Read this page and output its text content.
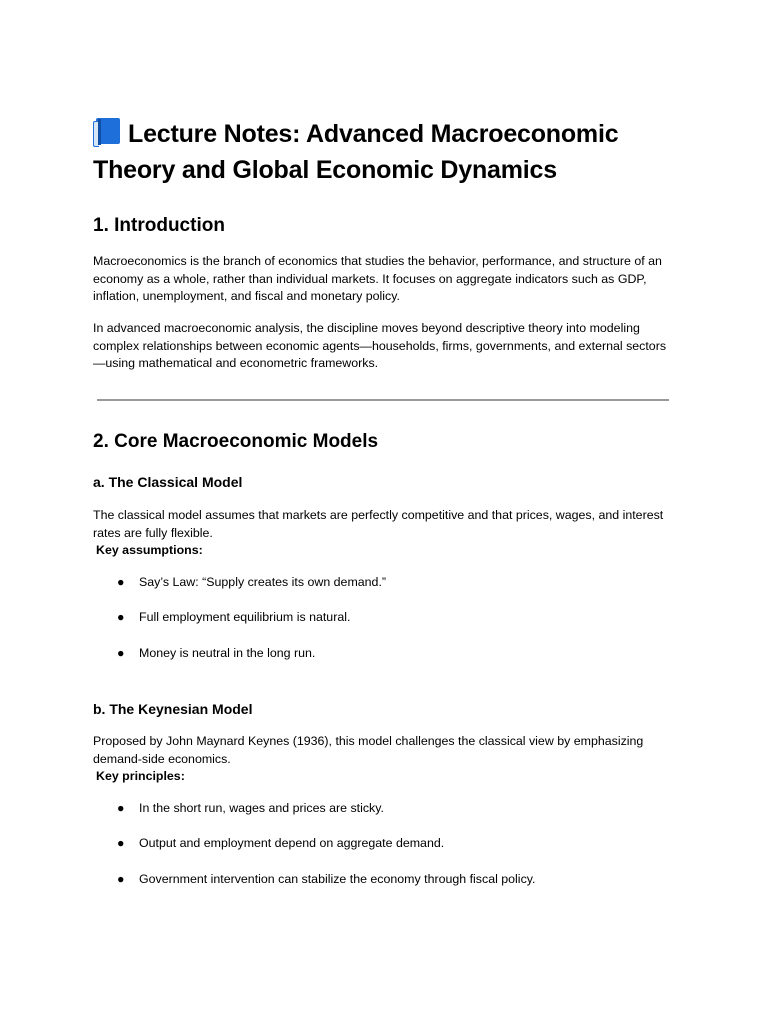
Lecture Notes: Advanced Macroeconomic Theory and Global Economic Dynamics
1. Introduction

Macroeconomics is the branch of economics that studies the behavior, performance, and structure of an economy as a whole, rather than individual markets. It focuses on aggregate indicators such as GDP, inflation, unemployment, and fiscal and monetary policy.

In advanced macroeconomic analysis, the discipline moves beyond descriptive theory into modeling complex relationships between economic agents—households, firms, governments, and external sectors—using mathematical and econometric frameworks.

2. Core Macroeconomic Models
a. The Classical Model

The classical model assumes that markets are perfectly competitive and that prices, wages, and interest rates are fully flexible.
Key assumptions:

● Say’s Law: “Supply creates its own demand.”
● Full employment equilibrium is natural.
● Money is neutral in the long run.
b. The Keynesian Model

Proposed by John Maynard Keynes (1936), this model challenges the classical view by emphasizing demand-side economics.
Key principles:

● In the short run, wages and prices are sticky.
● Output and employment depend on aggregate demand.
● Government intervention can stabilize the economy through fiscal policy.
